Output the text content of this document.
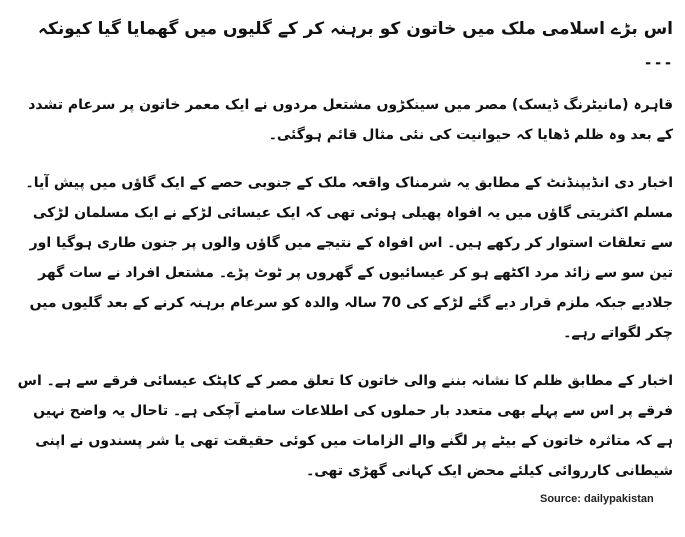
اس بڑے اسلامی ملک میں خاتون کو برہنہ کر کے گلیوں میں گھمایا گیا کیونکہ ۔۔۔

قاہرہ (مانیٹرنگ ڈیسک) مصر میں سینکڑوں مشتعل مردوں نے ایک معمر خاتون پر سرعام تشدد کے بعد وہ ظلم ڈھایا کہ حیوانیت کی نئی مثال قائم ہوگئی۔

اخبار دی انڈیپنڈنٹ کے مطابق یہ شرمناک واقعہ ملک کے جنوبی حصے کے ایک گاؤں میں پیش آیا۔ مسلم اکثریتی گاؤں میں یہ افواہ پھیلی ہوئی تھی کہ ایک عیسائی لڑکے نے ایک مسلمان لڑکی سے تعلقات استوار کر رکھے ہیں۔ اس افواہ کے نتیجے میں گاؤں والوں پر جنون طاری ہوگیا اور تین سو سے زائد مرد اکٹھے ہو کر عیسائیوں کے گھروں پر ٹوٹ پڑے۔ مشتعل افراد نے سات گھر جلادیے جبکہ ملزم قرار دیے گئے لڑکے کی 70 سالہ والدہ کو سرعام برہنہ کرنے کے بعد گلیوں میں چکر لگواتے رہے۔

اخبار کے مطابق ظلم کا نشانہ بننے والی خاتون کا تعلق مصر کے کاپٹک عیسائی فرقے سے ہے۔ اس فرقے پر اس سے پہلے بھی متعدد بار حملوں کی اطلاعات سامنے آچکی ہے۔ تاحال یہ واضح نہیں ہے کہ متاثرہ خاتون کے بیٹے پر لگنے والے الزامات میں کوئی حقیقت تھی یا شر پسندوں نے اپنی شیطانی کارروائی کیلئے محض ایک کہانی گھڑی تھی۔

Source: dailypakistan
